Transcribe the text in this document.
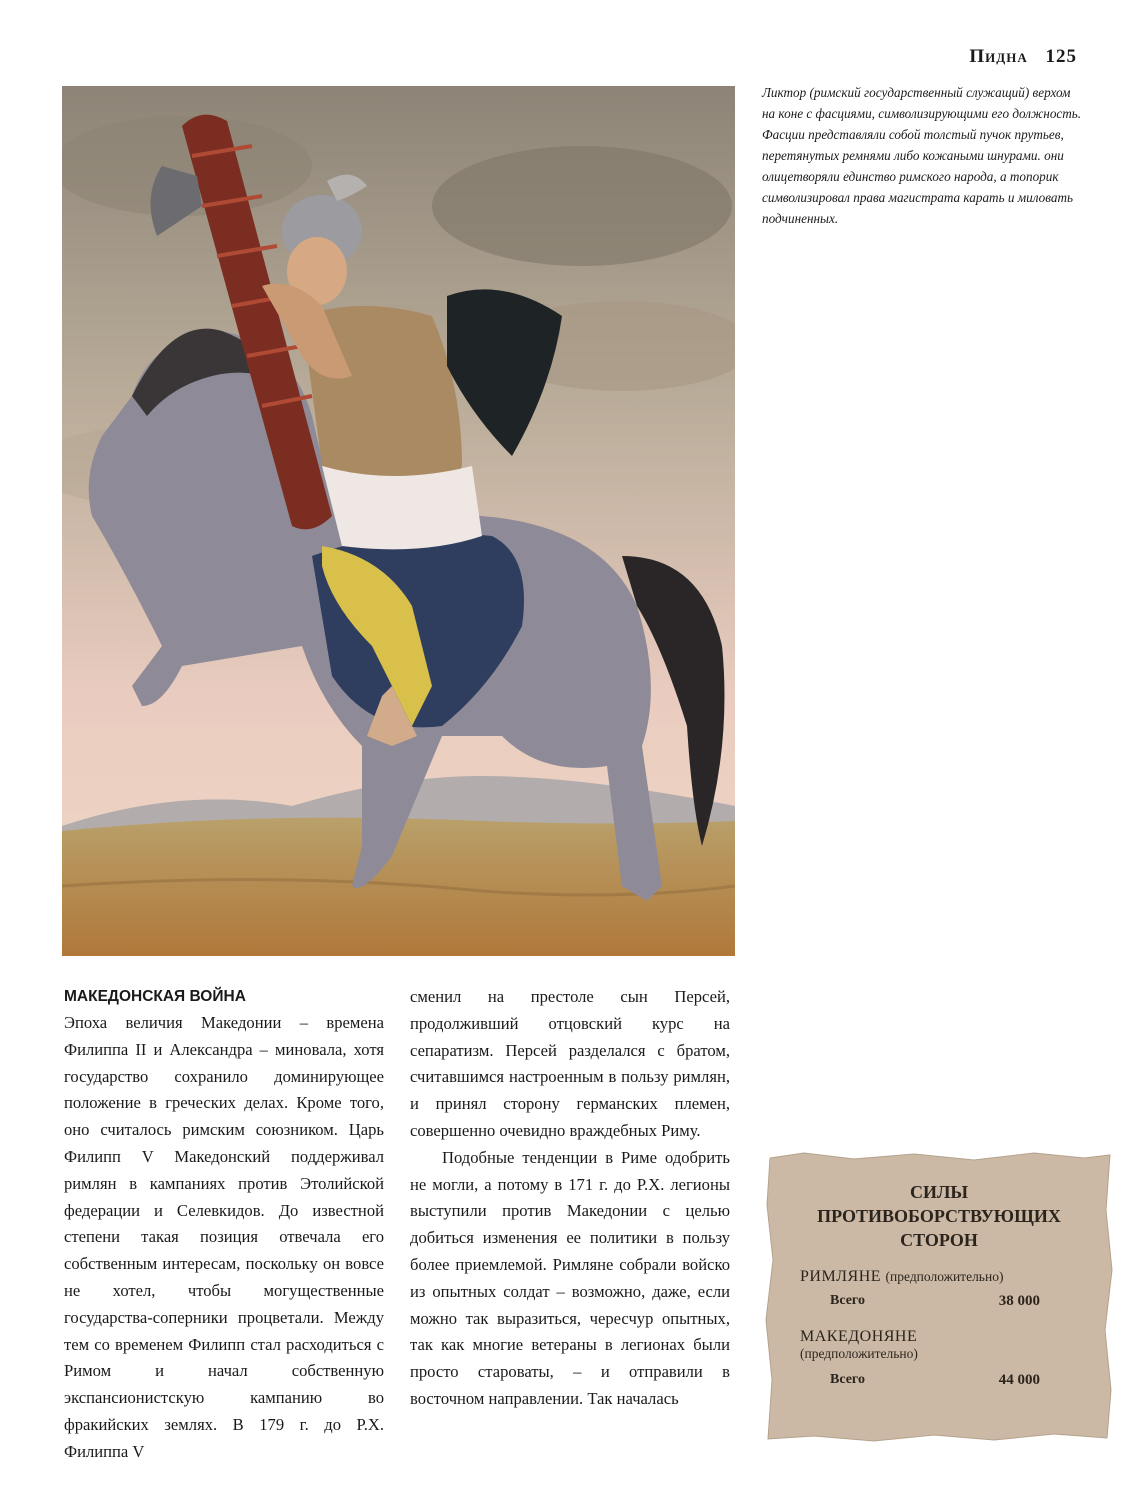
Пидна 125
Ликтор (римский государственный служащий) верхом на коне с фасциями, символизирующими его должность. Фасции представляли собой толстый пучок прутьев, перетянутых ремнями либо кожаными шнурами. они олицетворяли единство римского народа, а топорик символизировал права магистрата карать и миловать подчиненных.

МАКЕДОНСКАЯ ВОЙНА

Эпоха величия Македонии – времена Филиппа II и Александра – миновала, хотя государство сохранило доминирующее положение в греческих делах. Кроме того, оно считалось римским союзником. Царь Филипп V Македонский поддерживал римлян в кампаниях против Этолийской федерации и Селевкидов. До известной степени такая позиция отвечала его собственным интересам, поскольку он вовсе не хотел, чтобы могущественные государства-соперники процветали. Между тем со временем Филипп стал расходиться с Римом и начал собственную экспансионистскую кампанию во фракийских землях. В 179 г. до Р.Х. Филиппа V

сменил на престоле сын Персей, продолживший отцовский курс на сепаратизм. Персей разделался с братом, считавшимся настроенным в пользу римлян, и принял сторону германских племен, совершенно очевидно враждебных Риму.

Подобные тенденции в Риме одобрить не могли, а потому в 171 г. до Р.Х. легионы выступили против Македонии с целью добиться изменения ее политики в пользу более приемлемой. Римляне собрали войско из опытных солдат – возможно, даже, если можно так выразиться, чересчур опытных, так как многие ветераны в легионах были просто староваты, – и отправили в восточном направлении. Так началась

СИЛЫ
ПРОТИВОБОРСТВУЮЩИХ
СТОРОН
РИМЛЯНЕ (предположительно)
Всего	38 000
МАКЕДОНЯНЕ
(предположительно)
Всего	44 000
